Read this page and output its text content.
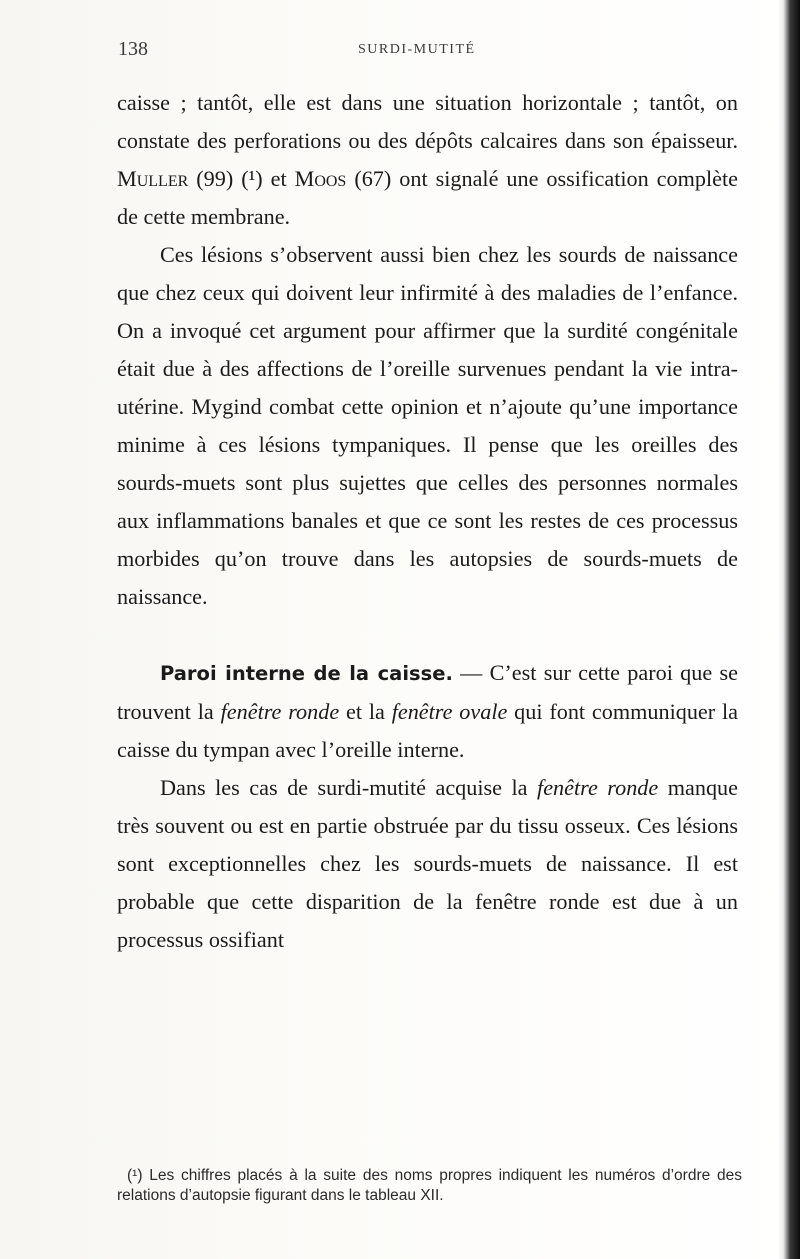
138	SURDI-MUTITÉ

caisse ; tantôt, elle est dans une situation horizontale ; tantôt, on constate des perforations ou des dépôts calcaires dans son épaisseur. Muller (99) (¹) et Moos (67) ont signalé une ossification complète de cette membrane.

Ces lésions s’observent aussi bien chez les sourds de naissance que chez ceux qui doivent leur infirmité à des maladies de l’enfance. On a invoqué cet argument pour affirmer que la surdité congénitale était due à des affections de l’oreille survenues pendant la vie intra-utérine. Mygind combat cette opinion et n’ajoute qu’une importance minime à ces lésions tympaniques. Il pense que les oreilles des sourds-muets sont plus sujettes que celles des personnes normales aux inflammations banales et que ce sont les restes de ces processus morbides qu’on trouve dans les autopsies de sourds-muets de naissance.

Paroi interne de la caisse. — C’est sur cette paroi que se trouvent la fenêtre ronde et la fenêtre ovale qui font communiquer la caisse du tympan avec l’oreille interne.

Dans les cas de surdi-mutité acquise la fenêtre ronde manque très souvent ou est en partie obstruée par du tissu osseux. Ces lésions sont exceptionnelles chez les sourds-muets de naissance. Il est probable que cette disparition de la fenêtre ronde est due à un processus ossifiant

(¹) Les chiffres placés à la suite des noms propres indiquent les numéros d’ordre des relations d’autopsie figurant dans le tableau XII.
